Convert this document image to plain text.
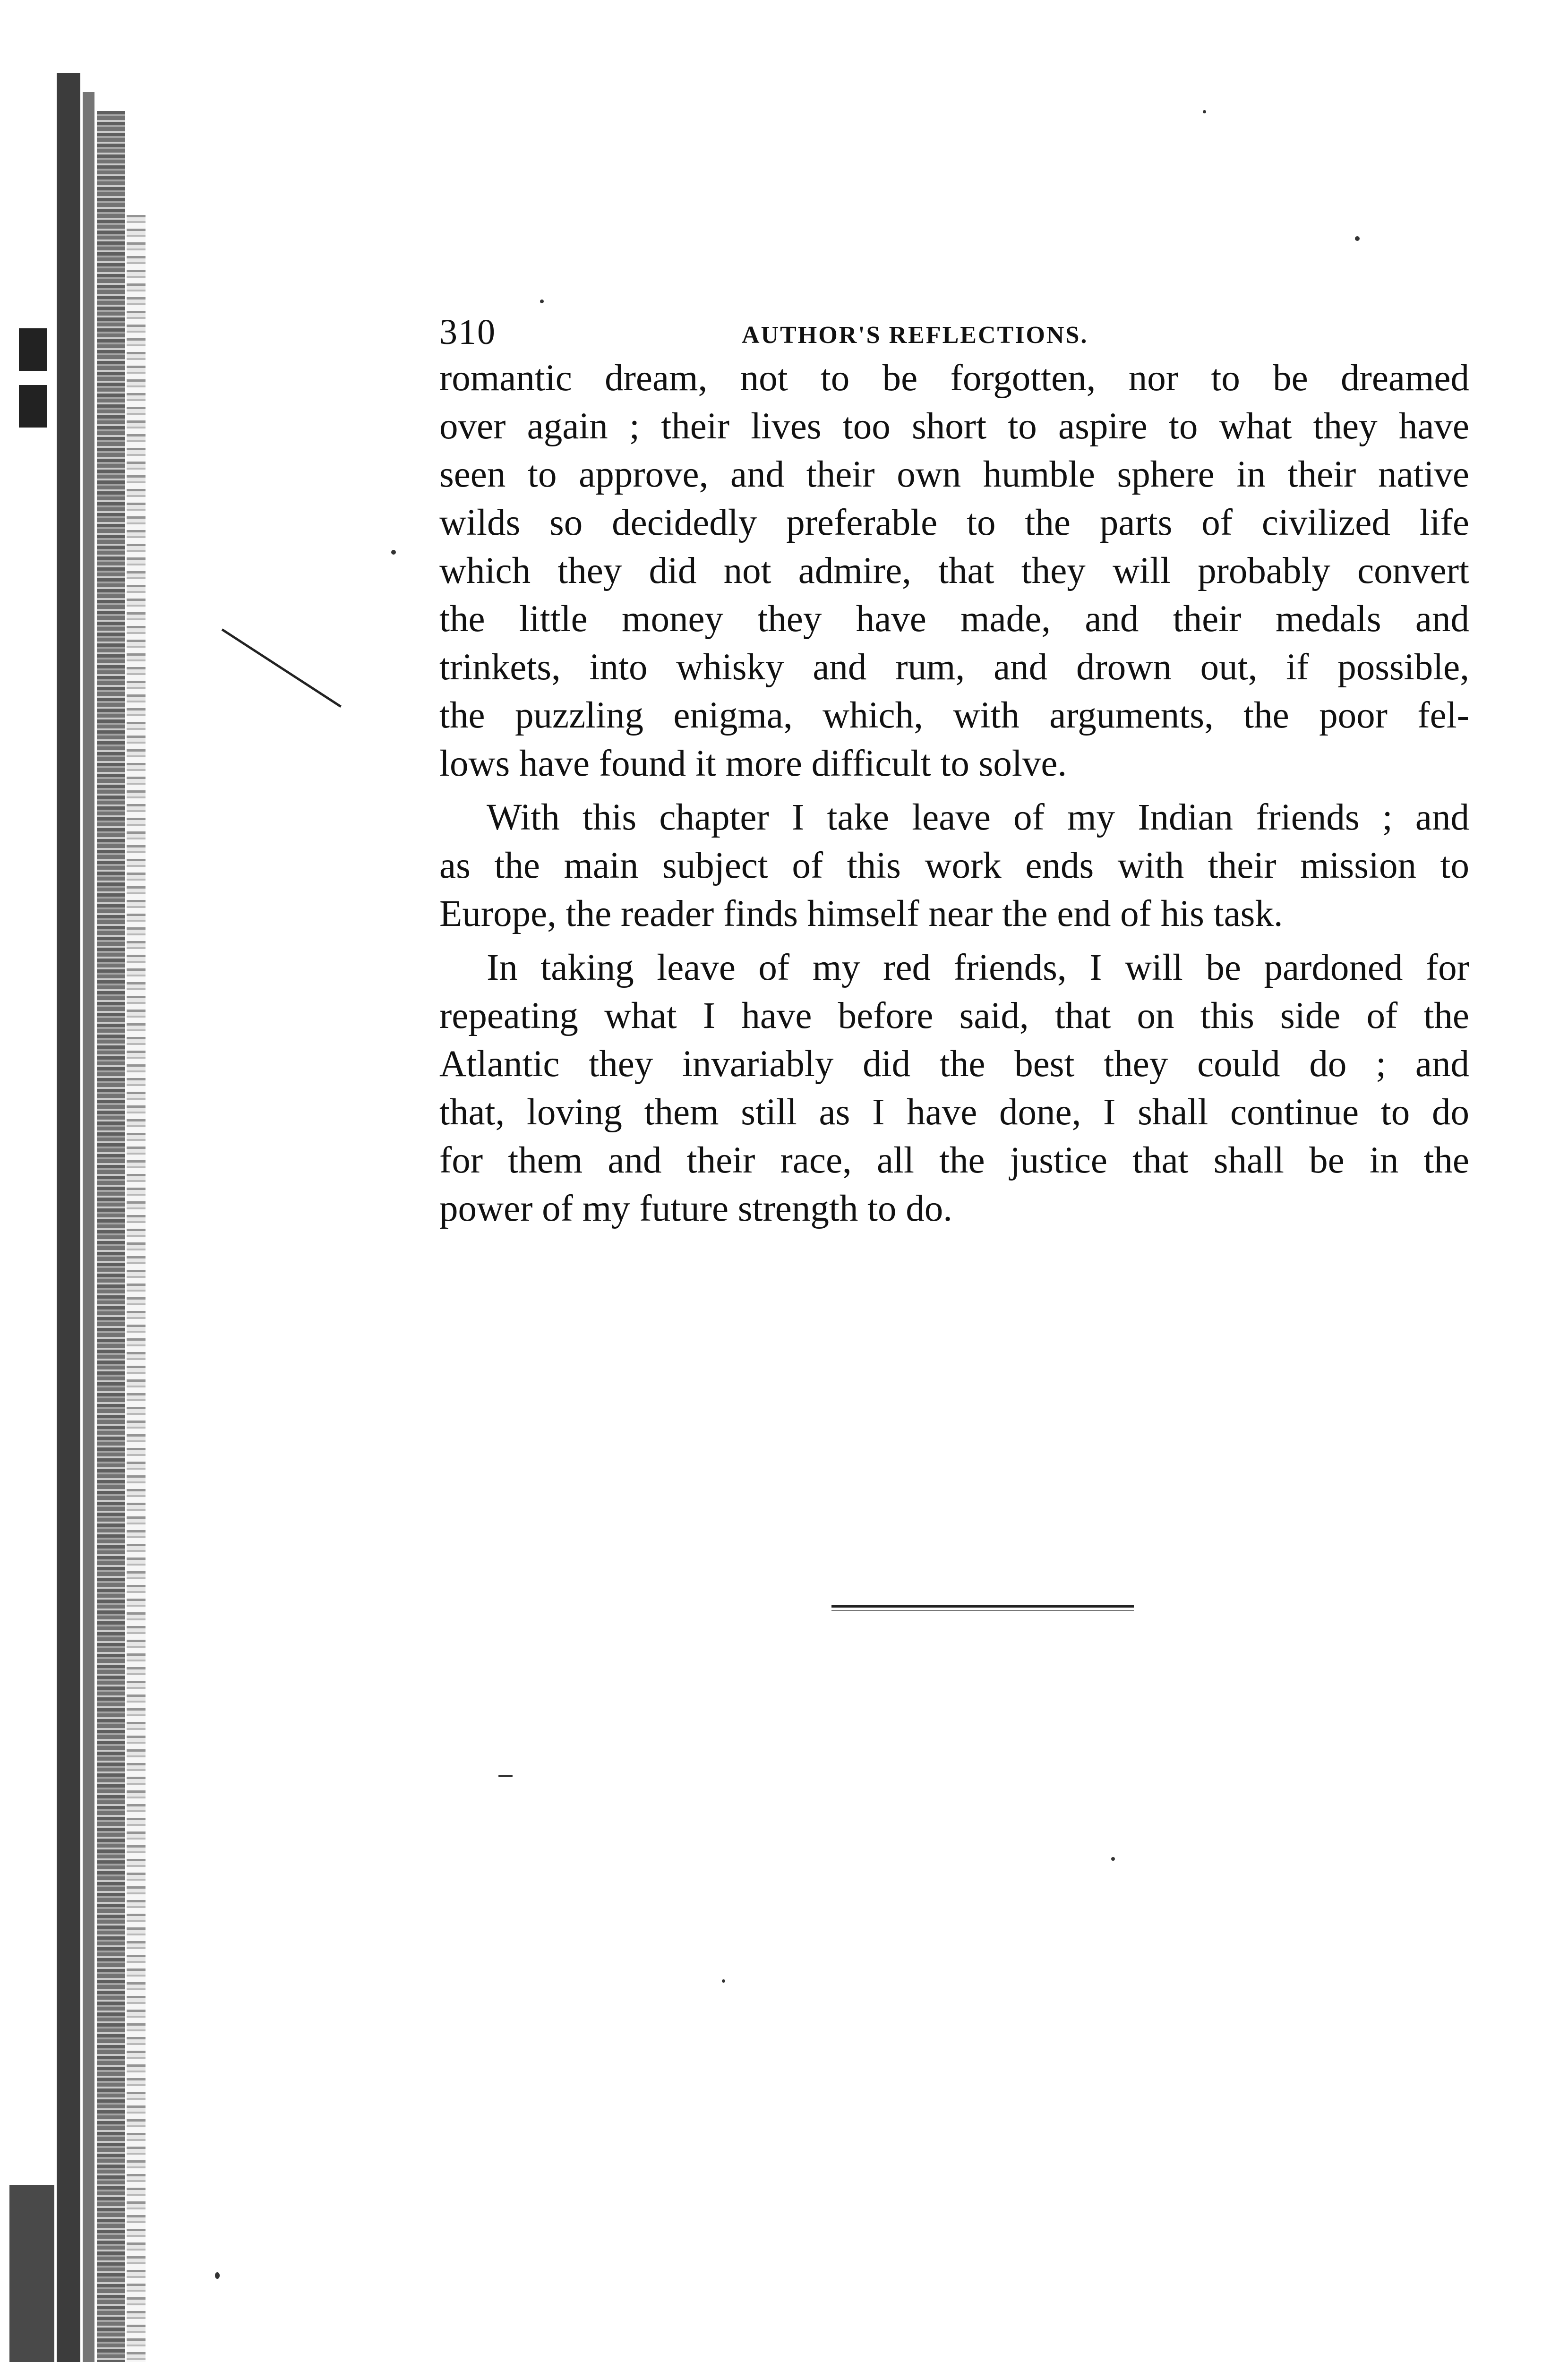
310	AUTHOR'S REFLECTIONS.
romantic dream, not to be forgotten, nor to be dreamed
over again ; their lives too short to aspire to what they have
seen to approve, and their own humble sphere in their native
wilds so decidedly preferable to the parts of civilized life
which they did not admire, that they will probably convert
the little money they have made, and their medals and
trinkets, into whisky and rum, and drown out, if possible,
the puzzling enigma, which, with arguments, the poor fel-
lows have found it more difficult to solve.
With this chapter I take leave of my Indian friends ; and
as the main subject of this work ends with their mission to
Europe, the reader finds himself near the end of his task.
In taking leave of my red friends, I will be pardoned for
repeating what I have before said, that on this side of the
Atlantic they invariably did the best they could do ; and
that, loving them still as I have done, I shall continue to do
for them and their race, all the justice that shall be in the
power of my future strength to do.
